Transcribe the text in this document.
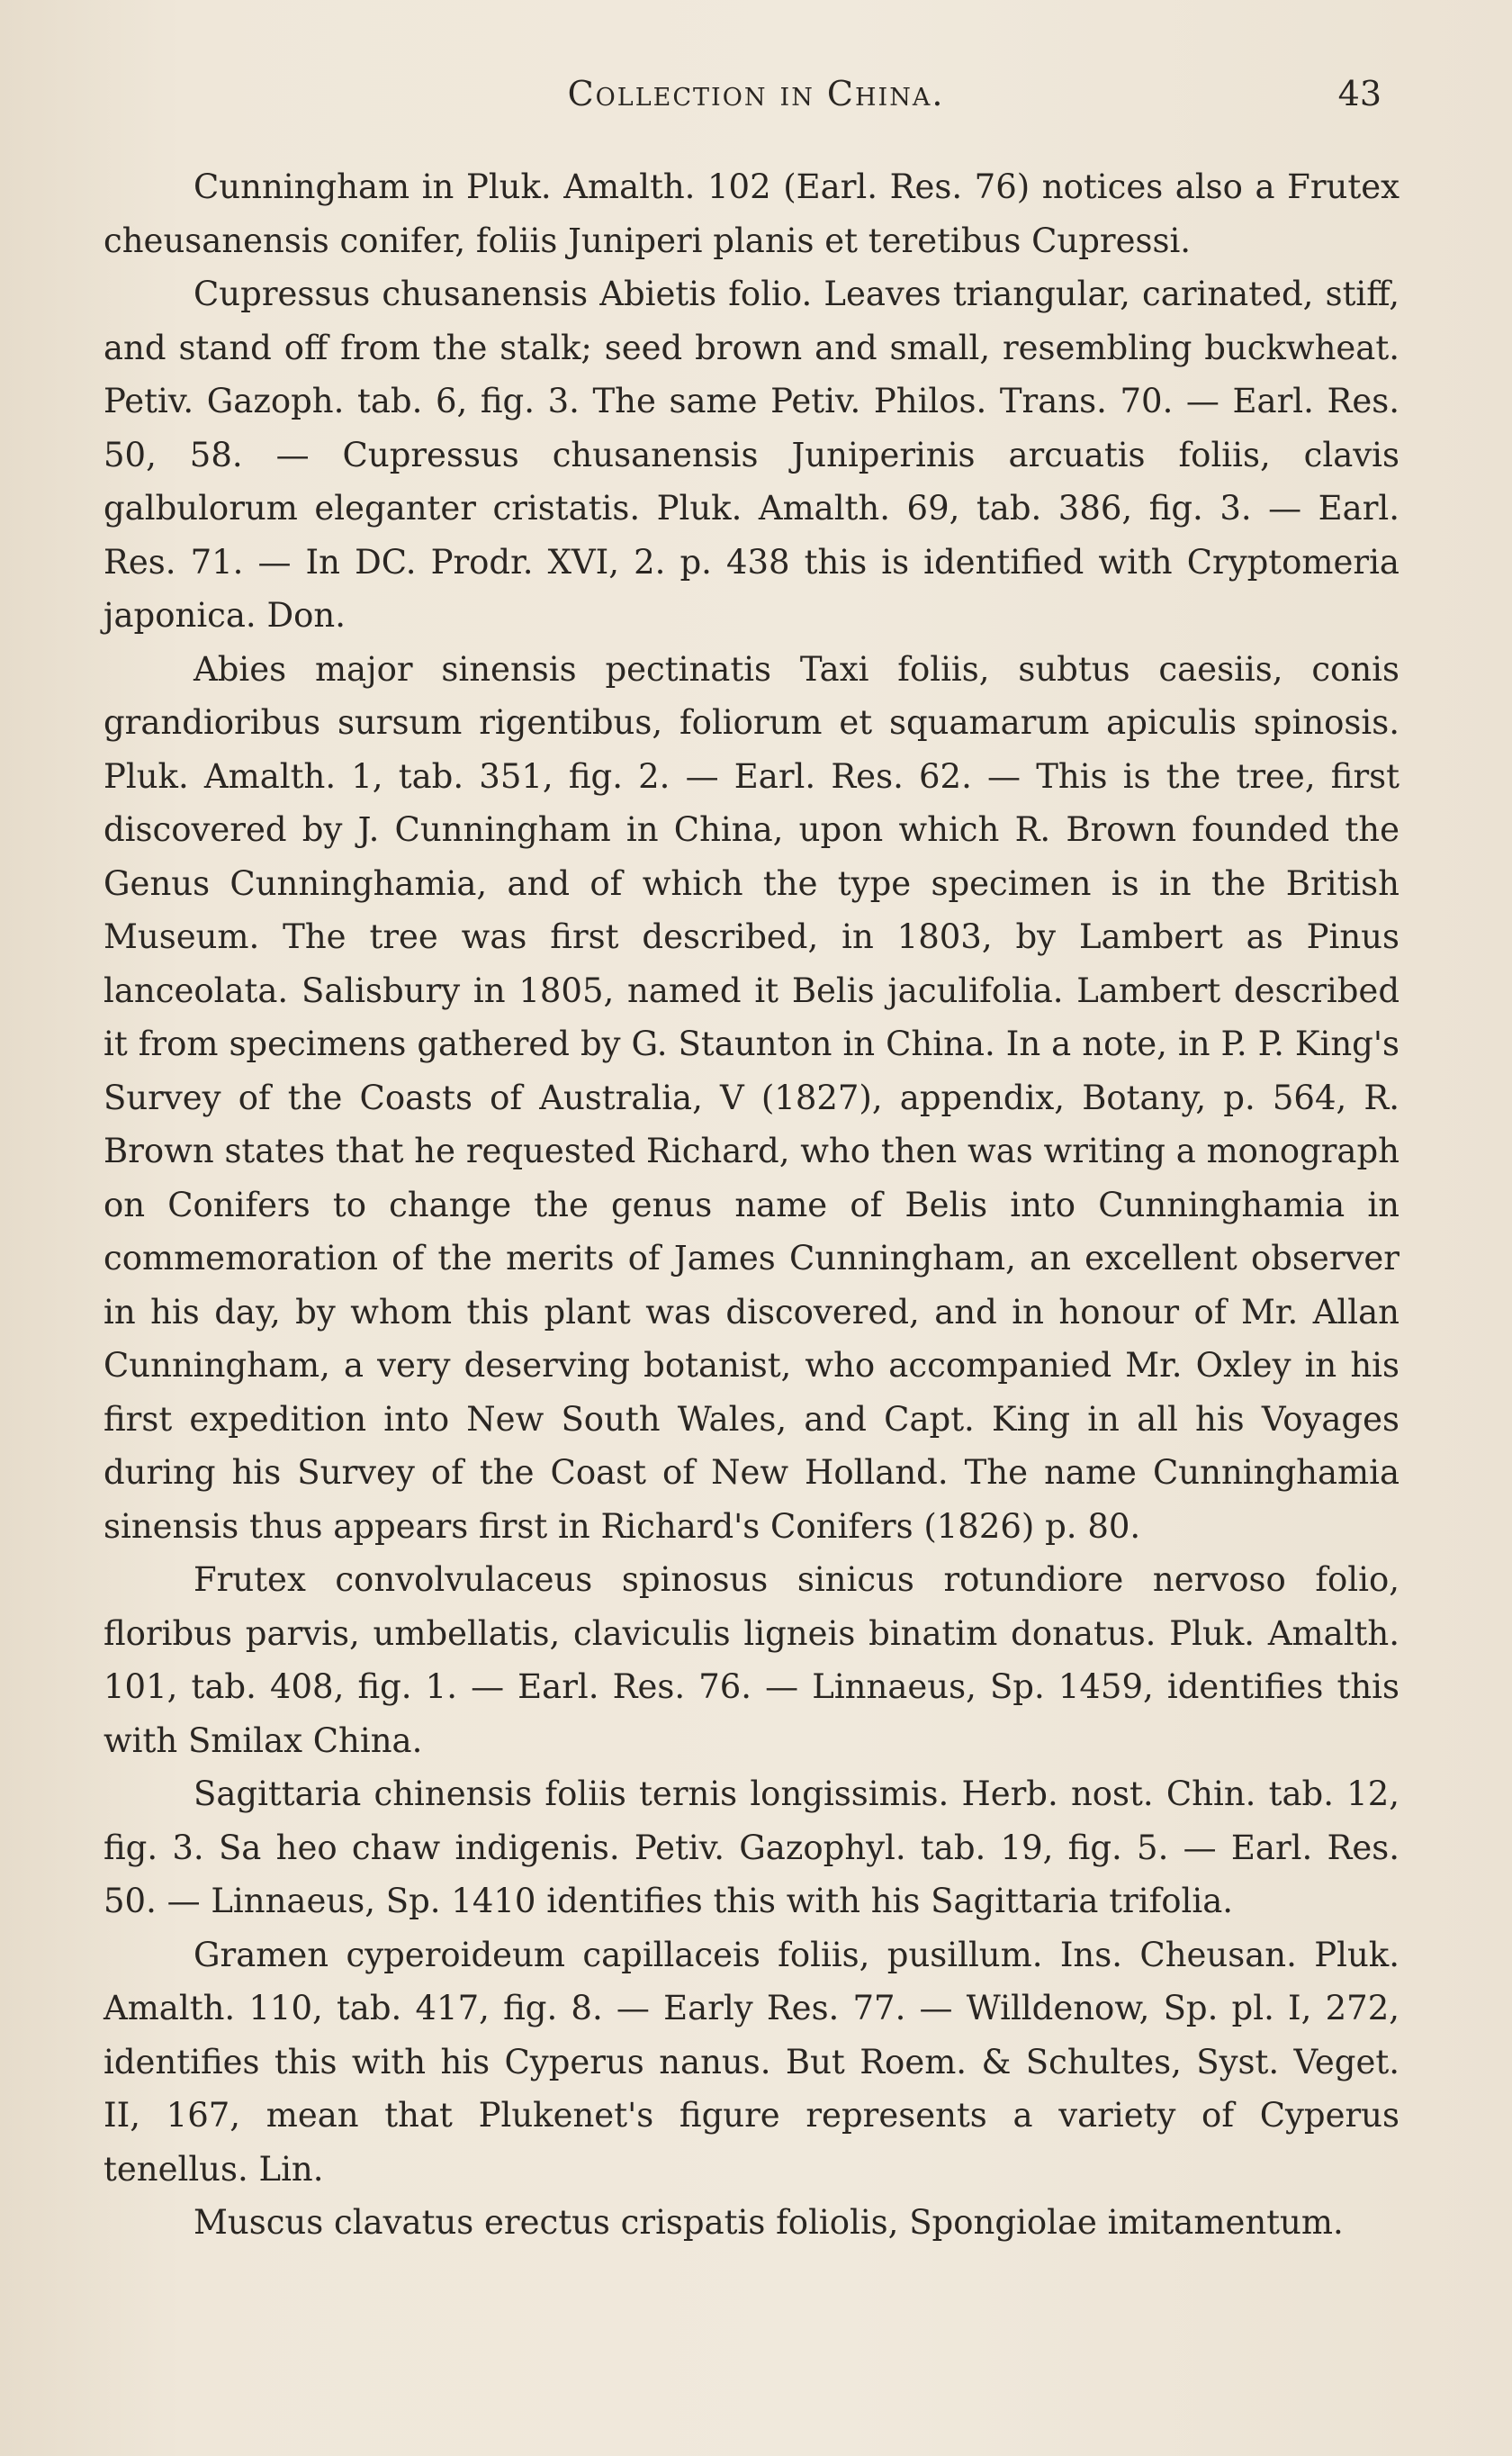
Collection in China.	43

Cunningham in Pluk. Amalth. 102 (Earl. Res. 76) notices also a Frutex cheusanensis conifer, foliis Juniperi planis et teretibus Cupressi.

Cupressus chusanensis Abietis folio. Leaves triangular, carinated, stiff, and stand off from the stalk; seed brown and small, resembling buckwheat. Petiv. Gazoph. tab. 6, fig. 3. The same Petiv. Philos. Trans. 70. — Earl. Res. 50, 58. — Cupressus chusanensis Juniperinis arcuatis foliis, clavis galbulorum eleganter cristatis. Pluk. Amalth. 69, tab. 386, fig. 3. — Earl. Res. 71. — In DC. Prodr. XVI, 2. p. 438 this is identified with Cryptomeria japonica. Don.

Abies major sinensis pectinatis Taxi foliis, subtus caesiis, conis grandioribus sursum rigentibus, foliorum et squamarum apiculis spinosis. Pluk. Amalth. 1, tab. 351, fig. 2. — Earl. Res. 62. — This is the tree, first discovered by J. Cunningham in China, upon which R. Brown founded the Genus Cunninghamia, and of which the type specimen is in the British Museum. The tree was first described, in 1803, by Lambert as Pinus lanceolata. Salisbury in 1805, named it Belis jaculifolia. Lambert described it from specimens gathered by G. Staunton in China. In a note, in P. P. King's Survey of the Coasts of Australia, V (1827), appendix, Botany, p. 564, R. Brown states that he requested Richard, who then was writing a monograph on Conifers to change the genus name of Belis into Cunninghamia in commemoration of the merits of James Cunningham, an excellent observer in his day, by whom this plant was discovered, and in honour of Mr. Allan Cunningham, a very deserving botanist, who accompanied Mr. Oxley in his first expedition into New South Wales, and Capt. King in all his Voyages during his Survey of the Coast of New Holland. The name Cunninghamia sinensis thus appears first in Richard's Conifers (1826) p. 80.

Frutex convolvulaceus spinosus sinicus rotundiore nervoso folio, floribus parvis, umbellatis, claviculis ligneis binatim donatus. Pluk. Amalth. 101, tab. 408, fig. 1. — Earl. Res. 76. — Linnaeus, Sp. 1459, identifies this with Smilax China.

Sagittaria chinensis foliis ternis longissimis. Herb. nost. Chin. tab. 12, fig. 3. Sa heo chaw indigenis. Petiv. Gazophyl. tab. 19, fig. 5. — Earl. Res. 50. — Linnaeus, Sp. 1410 identifies this with his Sagittaria trifolia.

Gramen cyperoideum capillaceis foliis, pusillum. Ins. Cheusan. Pluk. Amalth. 110, tab. 417, fig. 8. — Early Res. 77. — Willdenow, Sp. pl. I, 272, identifies this with his Cyperus nanus. But Roem. & Schultes, Syst. Veget. II, 167, mean that Plukenet's figure represents a variety of Cyperus tenellus. Lin.

Muscus clavatus erectus crispatis foliolis, Spongiolae imitamentum.
